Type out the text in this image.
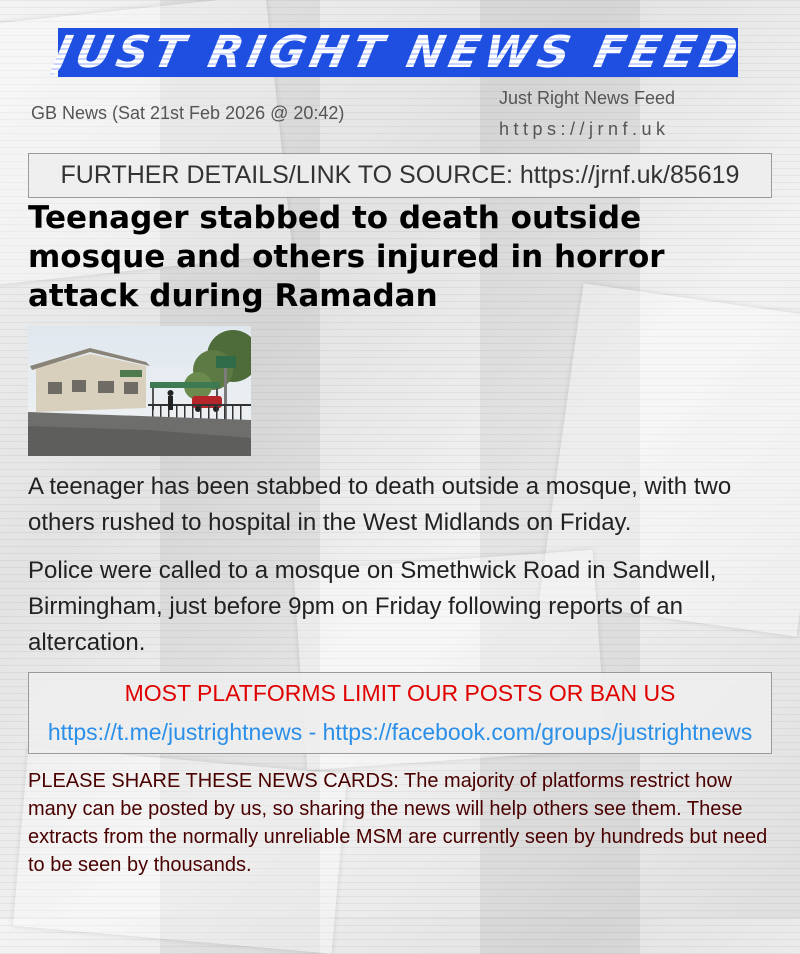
JUST RIGHT NEWS FEED
GB News (Sat 21st Feb 2026 @ 20:42)
Just Right News Feed
https://jrnf.uk
FURTHER DETAILS/LINK TO SOURCE: https://jrnf.uk/85619
Teenager stabbed to death outside mosque and others injured in horror attack during Ramadan

A teenager has been stabbed to death outside a mosque, with two others rushed to hospital in the West Midlands on Friday.

Police were called to a mosque on Smethwick Road in Sandwell, Birmingham, just before 9pm on Friday following reports of an altercation.

MOST PLATFORMS LIMIT OUR POSTS OR BAN US
https://t.me/justrightnews - https://facebook.com/groups/justrightnews

PLEASE SHARE THESE NEWS CARDS: The majority of platforms restrict how many can be posted by us, so sharing the news will help others see them. These extracts from the normally unreliable MSM are currently seen by hundreds but need to be seen by thousands.
